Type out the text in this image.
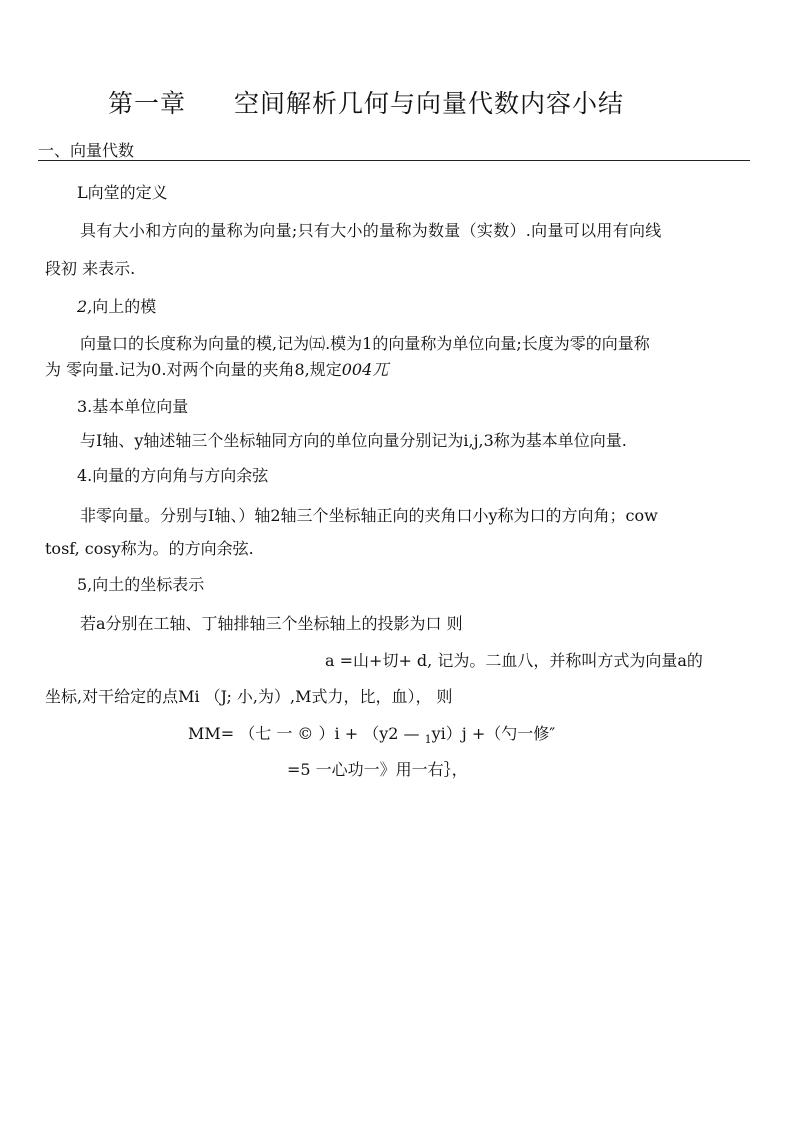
第一章 空间解析几何与向量代数内容小结
一、向量代数
L向堂的定义
具有大小和方向的量称为向量;只有大小的量称为数量（实数）.向量可以用有向线
段初 来表示.
2,向上的模
向量口的长度称为向量的模,记为㈤.模为1的向量称为单位向量;长度为零的向量称
为 零向量.记为0.对两个向量的夹角8,规定004兀
3.基本单位向量
与I轴、y轴述轴三个坐标轴同方向的单位向量分别记为i,j,3称为基本单位向量.
4.向量的方向角与方向余弦
非零向量。分别与I轴、）轴2轴三个坐标轴正向的夹角口小y称为口的方向角；cow
tosf, cosy称为。的方向余弦.
5,向土的坐标表示
若a分别在工轴、丁轴排轴三个坐标轴上的投影为口 则
a =山+切+ d, 记为。二血八，并称叫方式为向量a的
坐标,对干给定的点Mi （J; 小,为）,M式力，比，血）， 则
MM= （七 一 © ）i + （y2 — $_1$yi）j +（勺一修″
=5 一心功一》用一右｝，
